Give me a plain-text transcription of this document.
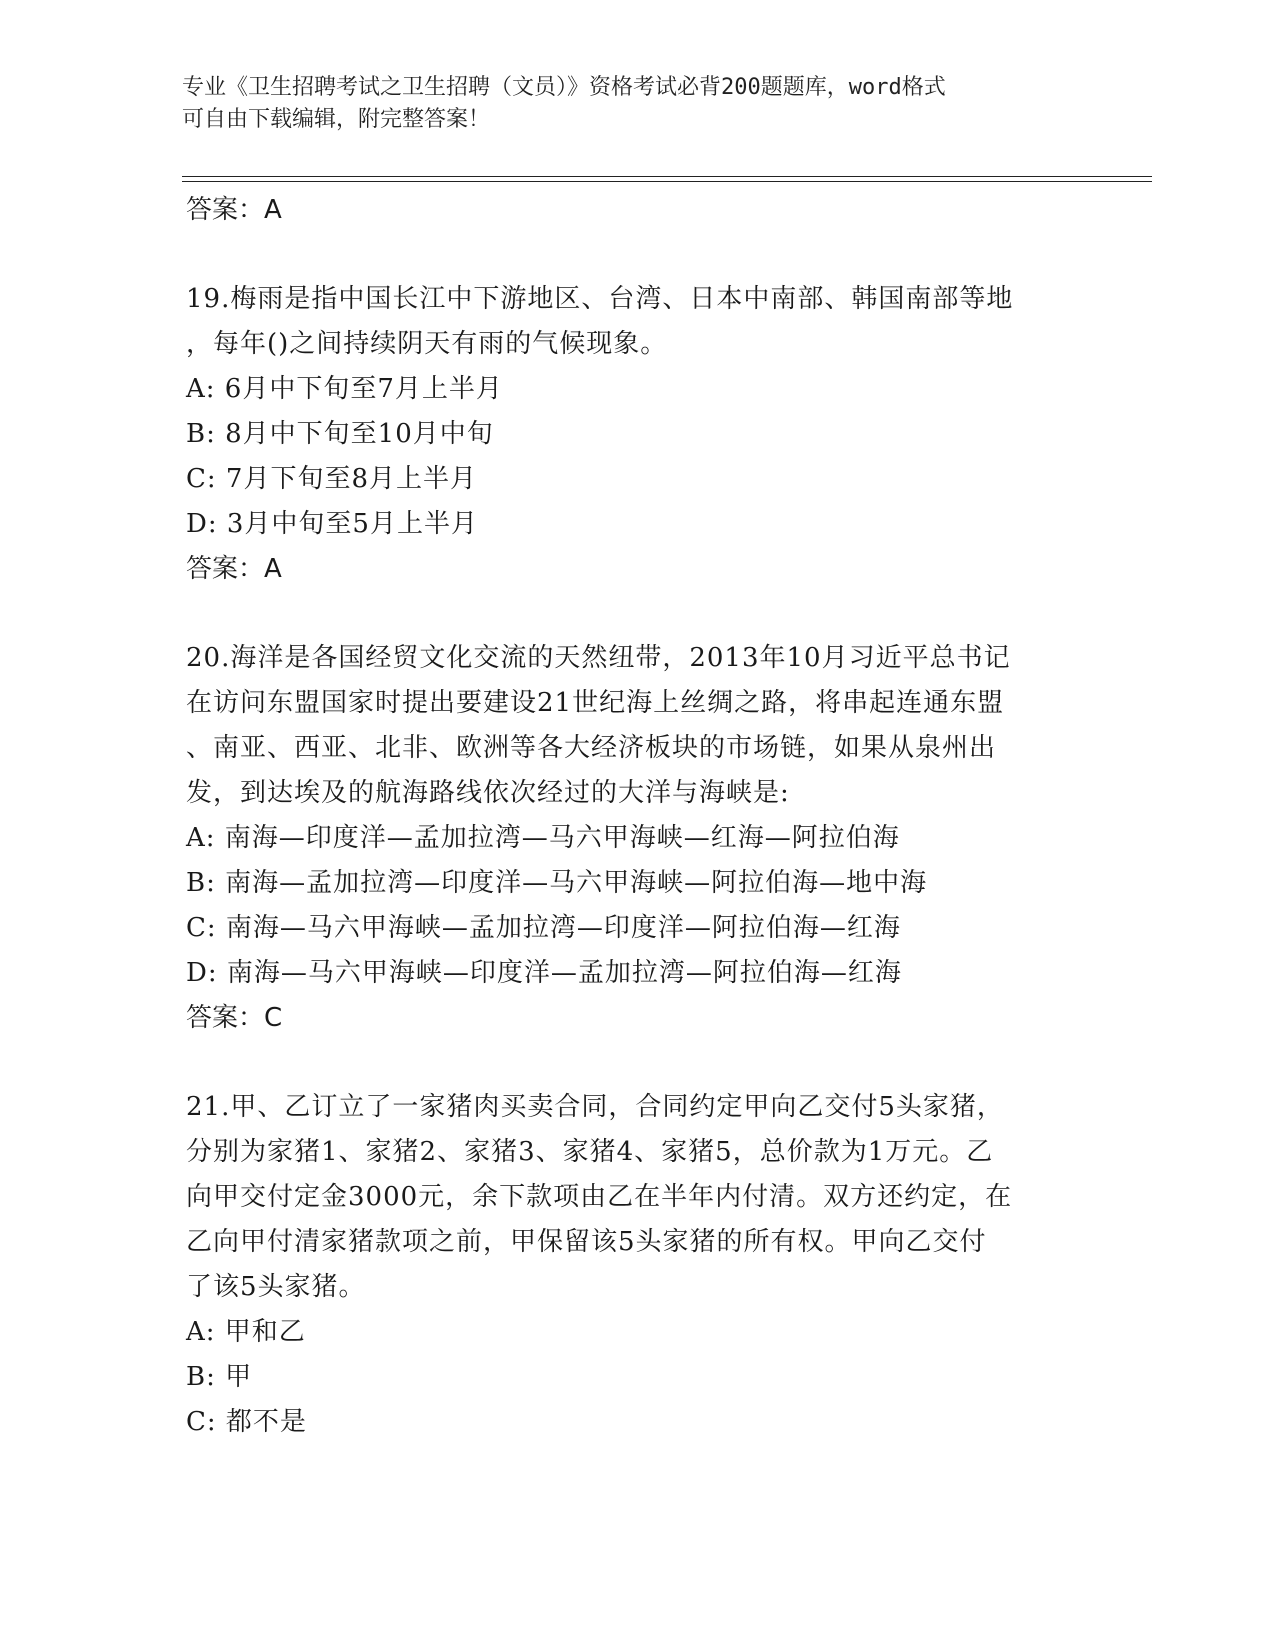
专业《卫生招聘考试之卫生招聘（文员）》资格考试必背200题题库，word格式
可自由下载编辑，附完整答案！
答案：A
19.梅雨是指中国长江中下游地区、台湾、日本中南部、韩国南部等地
，每年()之间持续阴天有雨的气候现象。
A: 6月中下旬至7月上半月
B: 8月中下旬至10月中旬
C: 7月下旬至8月上半月
D: 3月中旬至5月上半月
答案：A
20.海洋是各国经贸文化交流的天然纽带，2013年10月习近平总书记
在访问东盟国家时提出要建设21世纪海上丝绸之路，将串起连通东盟
、南亚、西亚、北非、欧洲等各大经济板块的市场链，如果从泉州出
发，到达埃及的航海路线依次经过的大洋与海峡是:
A: 南海—印度洋—孟加拉湾—马六甲海峡—红海—阿拉伯海
B: 南海—孟加拉湾—印度洋—马六甲海峡—阿拉伯海—地中海
C: 南海—马六甲海峡—孟加拉湾—印度洋—阿拉伯海—红海
D: 南海—马六甲海峡—印度洋—孟加拉湾—阿拉伯海—红海
答案：C
21.甲、乙订立了一家猪肉买卖合同，合同约定甲向乙交付5头家猪，
分别为家猪1、家猪2、家猪3、家猪4、家猪5，总价款为1万元。乙
向甲交付定金3000元，余下款项由乙在半年内付清。双方还约定，在
乙向甲付清家猪款项之前，甲保留该5头家猪的所有权。甲向乙交付
了该5头家猪。
A: 甲和乙
B: 甲
C: 都不是
